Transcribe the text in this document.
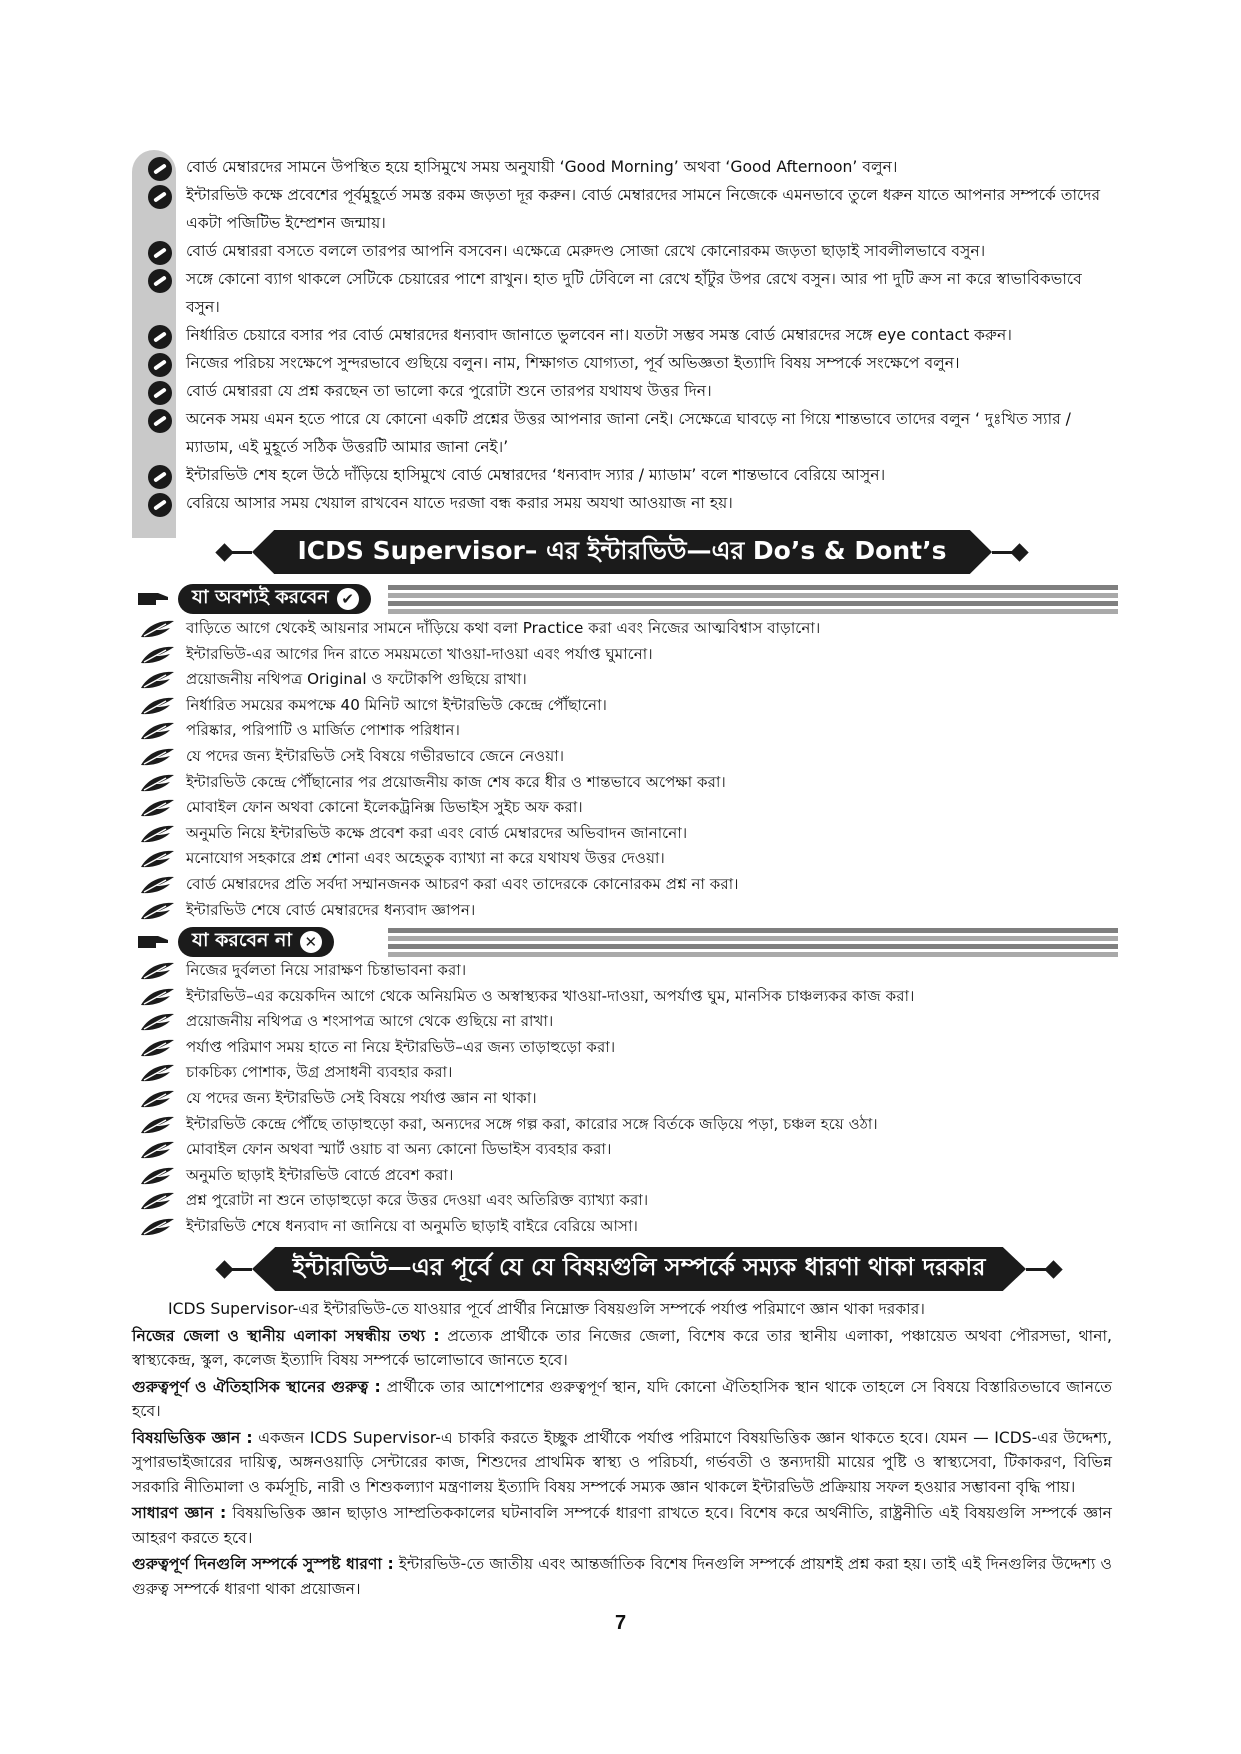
বোর্ড মেম্বারদের সামনে উপস্থিত হয়ে হাসিমুখে সময় অনুযায়ী ‘Good Morning’ অথবা ‘Good Afternoon’ বলুন।
ইন্টারভিউ কক্ষে প্রবেশের পূর্বমুহূর্তে সমস্ত রকম জড়তা দূর করুন। বোর্ড মেম্বারদের সামনে নিজেকে এমনভাবে তুলে ধরুন যাতে আপনার সম্পর্কে তাদের একটা পজিটিভ ইম্প্রেশন জন্মায়।
বোর্ড মেম্বাররা বসতে বললে তারপর আপনি বসবেন। এক্ষেত্রে মেরুদণ্ড সোজা রেখে কোনোরকম জড়তা ছাড়াই সাবলীলভাবে বসুন।
সঙ্গে কোনো ব্যাগ থাকলে সেটিকে চেয়ারের পাশে রাখুন। হাত দুটি টেবিলে না রেখে হাঁটুর উপর রেখে বসুন। আর পা দুটি ক্রস না করে স্বাভাবিকভাবে বসুন।
নির্ধারিত চেয়ারে বসার পর বোর্ড মেম্বারদের ধন্যবাদ জানাতে ভুলবেন না। যতটা সম্ভব সমস্ত বোর্ড মেম্বারদের সঙ্গে eye contact করুন।
নিজের পরিচয় সংক্ষেপে সুন্দরভাবে গুছিয়ে বলুন। নাম, শিক্ষাগত যোগ্যতা, পূর্ব অভিজ্ঞতা ইত্যাদি বিষয় সম্পর্কে সংক্ষেপে বলুন।
বোর্ড মেম্বাররা যে প্রশ্ন করছেন তা ভালো করে পুরোটা শুনে তারপর যথাযথ উত্তর দিন।
অনেক সময় এমন হতে পারে যে কোনো একটি প্রশ্নের উত্তর আপনার জানা নেই। সেক্ষেত্রে ঘাবড়ে না গিয়ে শান্তভাবে তাদের বলুন ‘ দুঃখিত স্যার / ম্যাডাম, এই মুহূর্তে সঠিক উত্তরটি আমার জানা নেই।’
ইন্টারভিউ শেষ হলে উঠে দাঁড়িয়ে হাসিমুখে বোর্ড মেম্বারদের ‘ধন্যবাদ স্যার / ম্যাডাম’ বলে শান্তভাবে বেরিয়ে আসুন।
বেরিয়ে আসার সময় খেয়াল রাখবেন যাতে দরজা বন্ধ করার সময় অযথা আওয়াজ না হয়।
ICDS Supervisor– এর ইন্টারভিউ—এর Do’s & Dont’s
যা অবশ্যই করবেন ✔
বাড়িতে আগে থেকেই আয়নার সামনে দাঁড়িয়ে কথা বলা Practice করা এবং নিজের আত্মবিশ্বাস বাড়ানো।
ইন্টারভিউ-এর আগের দিন রাতে সময়মতো খাওয়া-দাওয়া এবং পর্যাপ্ত ঘুমানো।
প্রয়োজনীয় নথিপত্র Original ও ফটোকপি গুছিয়ে রাখা।
নির্ধারিত সময়ের কমপক্ষে 40 মিনিট আগে ইন্টারভিউ কেন্দ্রে পৌঁছানো।
পরিষ্কার, পরিপাটি ও মার্জিত পোশাক পরিধান।
যে পদের জন্য ইন্টারভিউ সেই বিষয়ে গভীরভাবে জেনে নেওয়া।
ইন্টারভিউ কেন্দ্রে পৌঁছানোর পর প্রয়োজনীয় কাজ শেষ করে ধীর ও শান্তভাবে অপেক্ষা করা।
মোবাইল ফোন অথবা কোনো ইলেকট্রনিক্স ডিভাইস সুইচ অফ করা।
অনুমতি নিয়ে ইন্টারভিউ কক্ষে প্রবেশ করা এবং বোর্ড মেম্বারদের অভিবাদন জানানো।
মনোযোগ সহকারে প্রশ্ন শোনা এবং অহেতুক ব্যাখ্যা না করে যথাযথ উত্তর দেওয়া।
বোর্ড মেম্বারদের প্রতি সর্বদা সম্মানজনক আচরণ করা এবং তাদেরকে কোনোরকম প্রশ্ন না করা।
ইন্টারভিউ শেষে বোর্ড মেম্বারদের ধন্যবাদ জ্ঞাপন।
যা করবেন না ✕
নিজের দুর্বলতা নিয়ে সারাক্ষণ চিন্তাভাবনা করা।
ইন্টারভিউ–এর কয়েকদিন আগে থেকে অনিয়মিত ও অস্বাস্থ্যকর খাওয়া-দাওয়া, অপর্যাপ্ত ঘুম, মানসিক চাঞ্চল্যকর কাজ করা।
প্রয়োজনীয় নথিপত্র ও শংসাপত্র আগে থেকে গুছিয়ে না রাখা।
পর্যাপ্ত পরিমাণ সময় হাতে না নিয়ে ইন্টারভিউ–এর জন্য তাড়াহুড়ো করা।
চাকচিক্য পোশাক, উগ্র প্রসাধনী ব্যবহার করা।
যে পদের জন্য ইন্টারভিউ সেই বিষয়ে পর্যাপ্ত জ্ঞান না থাকা।
ইন্টারভিউ কেন্দ্রে পৌঁছে তাড়াহুড়ো করা, অন্যদের সঙ্গে গল্প করা, কারোর সঙ্গে বির্তকে জড়িয়ে পড়া, চঞ্চল হয়ে ওঠা।
মোবাইল ফোন অথবা স্মার্ট ওয়াচ বা অন্য কোনো ডিভাইস ব্যবহার করা।
অনুমতি ছাড়াই ইন্টারভিউ বোর্ডে প্রবেশ করা।
প্রশ্ন পুরোটা না শুনে তাড়াহুড়ো করে উত্তর দেওয়া এবং অতিরিক্ত ব্যাখ্যা করা।
ইন্টারভিউ শেষে ধন্যবাদ না জানিয়ে বা অনুমতি ছাড়াই বাইরে বেরিয়ে আসা।
ইন্টারভিউ—এর পূর্বে যে যে বিষয়গুলি সম্পর্কে সম্যক ধারণা থাকা দরকার

ICDS Supervisor-এর ইন্টারভিউ-তে যাওয়ার পূর্বে প্রার্থীর নিম্নোক্ত বিষয়গুলি সম্পর্কে পর্যাপ্ত পরিমাণে জ্ঞান থাকা দরকার।

নিজের জেলা ও স্থানীয় এলাকা সম্বন্ধীয় তথ্য : প্রত্যেক প্রার্থীকে তার নিজের জেলা, বিশেষ করে তার স্থানীয় এলাকা, পঞ্চায়েত অথবা পৌরসভা, থানা, স্বাস্থ্যকেন্দ্র, স্কুল, কলেজ ইত্যাদি বিষয় সম্পর্কে ভালোভাবে জানতে হবে।

গুরুত্বপূর্ণ ও ঐতিহাসিক স্থানের গুরুত্ব : প্রার্থীকে তার আশেপাশের গুরুত্বপূর্ণ স্থান, যদি কোনো ঐতিহাসিক স্থান থাকে তাহলে সে বিষয়ে বিস্তারিতভাবে জানতে হবে।

বিষয়ভিত্তিক জ্ঞান : একজন ICDS Supervisor-এ চাকরি করতে ইচ্ছুক প্রার্থীকে পর্যাপ্ত পরিমাণে বিষয়ভিত্তিক জ্ঞান থাকতে হবে। যেমন — ICDS-এর উদ্দেশ্য, সুপারভাইজারের দায়িত্ব, অঙ্গনওয়াড়ি সেন্টারের কাজ, শিশুদের প্রাথমিক স্বাস্থ্য ও পরিচর্যা, গর্ভবতী ও স্তন্যদায়ী মায়ের পুষ্টি ও স্বাস্থ্যসেবা, টিকাকরণ, বিভিন্ন সরকারি নীতিমালা ও কর্মসূচি, নারী ও শিশুকল্যাণ মন্ত্রণালয় ইত্যাদি বিষয় সম্পর্কে সম্যক জ্ঞান থাকলে ইন্টারভিউ প্রক্রিয়ায় সফল হওয়ার সম্ভাবনা বৃদ্ধি পায়।

সাধারণ জ্ঞান : বিষয়ভিত্তিক জ্ঞান ছাড়াও সাম্প্রতিককালের ঘটনাবলি সম্পর্কে ধারণা রাখতে হবে। বিশেষ করে অর্থনীতি, রাষ্ট্রনীতি এই বিষয়গুলি সম্পর্কে জ্ঞান আহরণ করতে হবে।

গুরুত্বপূর্ণ দিনগুলি সম্পর্কে সুস্পষ্ট ধারণা : ইন্টারভিউ-তে জাতীয় এবং আন্তর্জাতিক বিশেষ দিনগুলি সম্পর্কে প্রায়শই প্রশ্ন করা হয়। তাই এই দিনগুলির উদ্দেশ্য ও গুরুত্ব সম্পর্কে ধারণা থাকা প্রয়োজন।

7
